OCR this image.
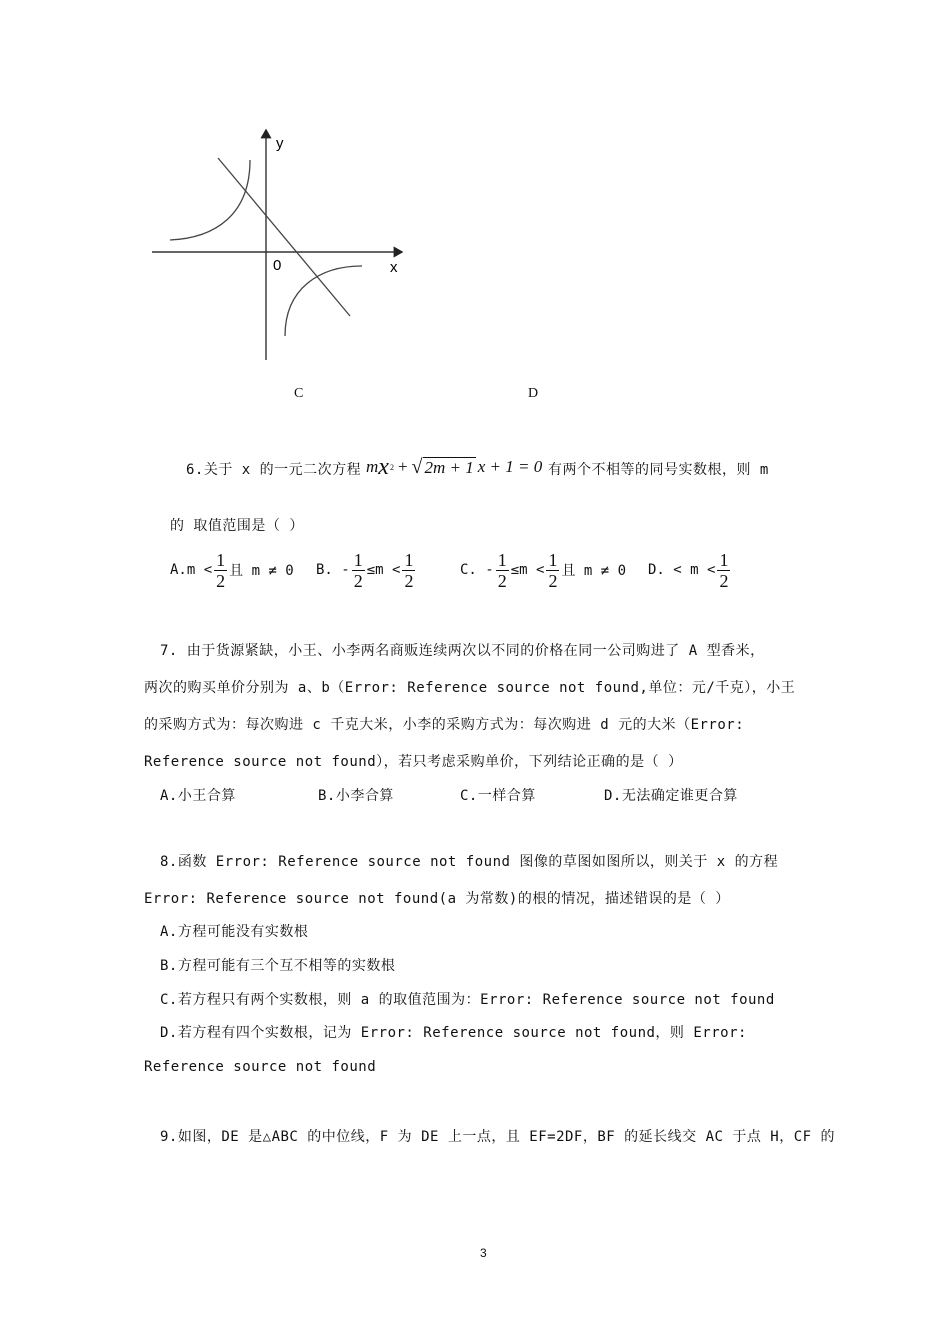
y
x
0
C	D
6.关于 x 的一元二次方程 m x 2 + √ 2m + 1 x + 1 = 0 有两个不相等的同号实数根，则 m
的 取值范围是（ ）
$A.m < \frac{1}{2}$ 且 m ≠ 0 B. - $\frac{1}{2} \le m < \frac{1}{2}$	C. - $\frac{1}{2} \le m < \frac{1}{2}$ 且 m ≠ 0 D. < $m < \frac{1}{2}$
7. 由于货源紧缺，小王、小李两名商贩连续两次以不同的价格在同一公司购进了 A 型香米，
两次的购买单价分别为 a、b（Error: Reference source not found,单位：元/千克），小王
的采购方式为：每次购进 c 千克大米，小李的采购方式为：每次购进 d 元的大米（Error:
Reference source not found），若只考虑采购单价，下列结论正确的是（ ）
A.小王合算	B.小李合算	C.一样合算	D.无法确定谁更合算
8.函数 Error: Reference source not found 图像的草图如图所以，则关于 x 的方程
Error: Reference source not found(a 为常数)的根的情况，描述错误的是（ ）
A.方程可能没有实数根
B.方程可能有三个互不相等的实数根
C.若方程只有两个实数根，则 a 的取值范围为：Error: Reference source not found
D.若方程有四个实数根，记为 Error: Reference source not found，则 Error:
Reference source not found
9.如图，DE 是△ABC 的中位线，F 为 DE 上一点，且 EF=2DF，BF 的延长线交 AC 于点 H，CF 的
3
